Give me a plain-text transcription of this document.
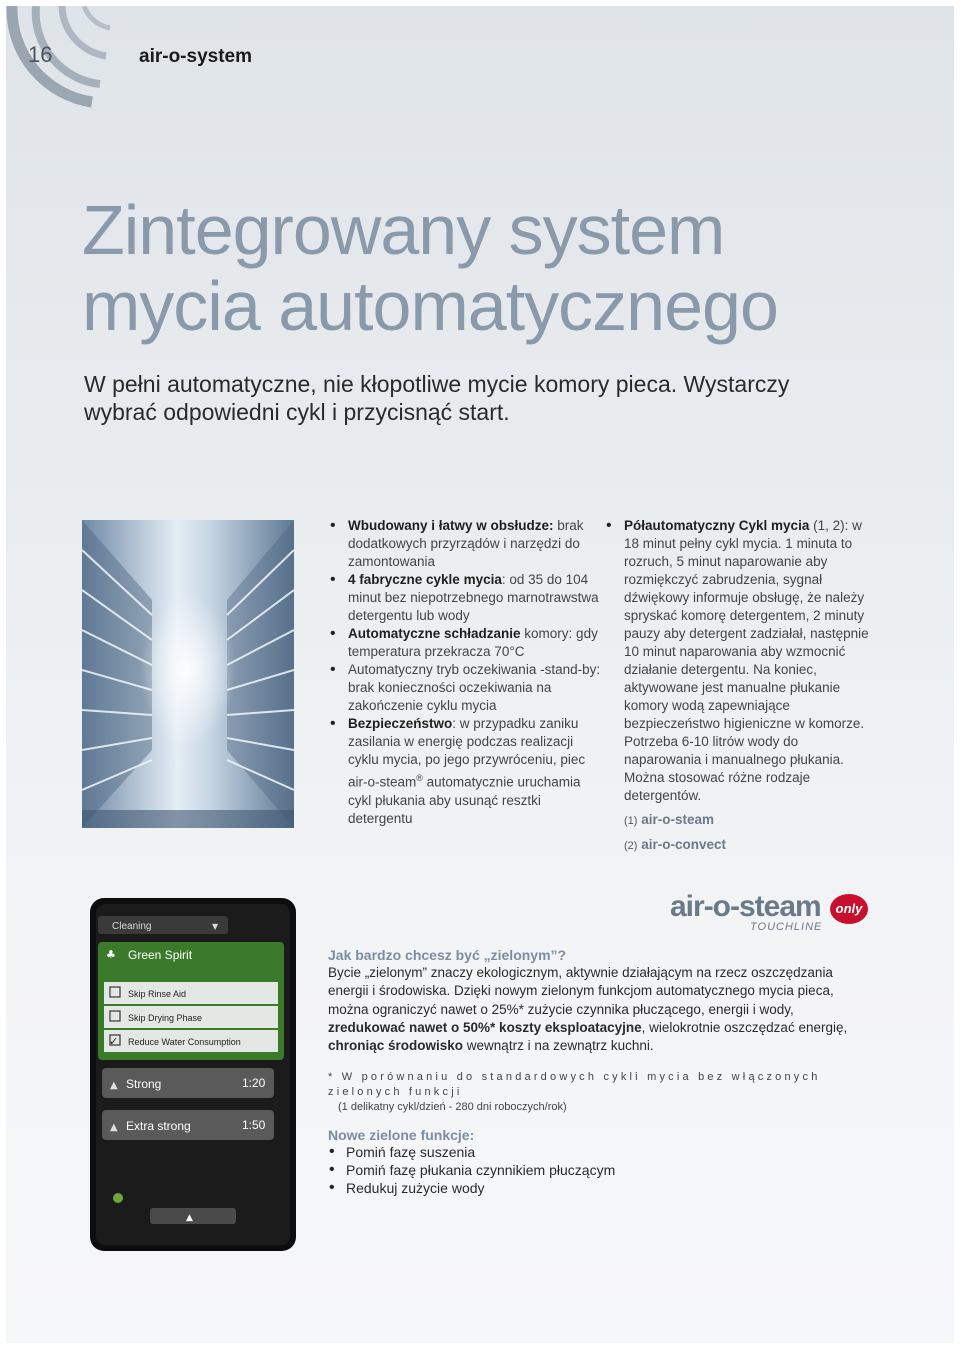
16	air-o-system
Zintegrowany system
mycia automatycznego
W pełni automatyczne, nie kłopotliwe mycie komory pieca. Wystarczy
wybrać odpowiedni cykl i przycisnąć start.
• Wbudowany i łatwy w obsłudze: brak dodatkowych przyrządów i narzędzi do zamontowania
• 4 fabryczne cykle mycia: od 35 do 104 minut bez niepotrzebnego marnotrawstwa detergentu lub wody
• Automatyczne schładzanie komory: gdy temperatura przekracza 70°C
• Automatyczny tryb oczekiwania -stand-by: brak konieczności oczekiwania na zakończenie cyklu mycia
• Bezpieczeństwo: w przypadku zaniku zasilania w energię podczas realizacji cyklu mycia, po jego przywróceniu, piec air-o-steam® automatycznie uruchamia cykl płukania aby usunąć resztki detergentu
• Półautomatyczny Cykl mycia (1, 2): w 18 minut pełny cykl mycia. 1 minuta to rozruch, 5 minut naparowanie aby rozmiękczyć zabrudzenia, sygnał dźwiękowy informuje obsługę, że należy spryskać komorę detergentem, 2 minuty pauzy aby detergent zadziałał, następnie 10 minut naparowania aby wzmocnić działanie detergentu. Na koniec, aktywowane jest manualne płukanie komory wodą zapewniające bezpieczeństwo higieniczne w komorze. Potrzeba 6-10 litrów wody do naparowania i manualnego płukania. Można stosować różne rodzaje detergentów.
(1) air-o-steam
(2) air-o-convect
Cleaning	▼
♣ Green Spirit
Skip Rinse Aid
Skip Drying Phase
✓ Reduce Water Consumption
▲ Strong	1:20
▲ Extra strong	1:50
▲
air-o-steam	only
TOUCHLINE
Jak bardzo chcesz być „zielonym”?

Bycie „zielonym” znaczy ekologicznym, aktywnie działającym na rzecz oszczędzania energii i środowiska. Dzięki nowym zielonym funkcjom automatycznego mycia pieca, można ograniczyć nawet o 25%* zużycie czynnika płuczącego, energii i wody, zredukować nawet o 50%* koszty eksploatacyjne, wielokrotnie oszczędzać energię, chroniąc środowisko wewnątrz i na zewnątrz kuchni.

* W porównaniu do standardowych cykli mycia bez włączonych zielonych funkcji
(1 delikatny cykl/dzień - 280 dni roboczych/rok)
Nowe zielone funkcje:
• Pomiń fazę suszenia
• Pomiń fazę płukania czynnikiem płuczącym
• Redukuj zużycie wody
